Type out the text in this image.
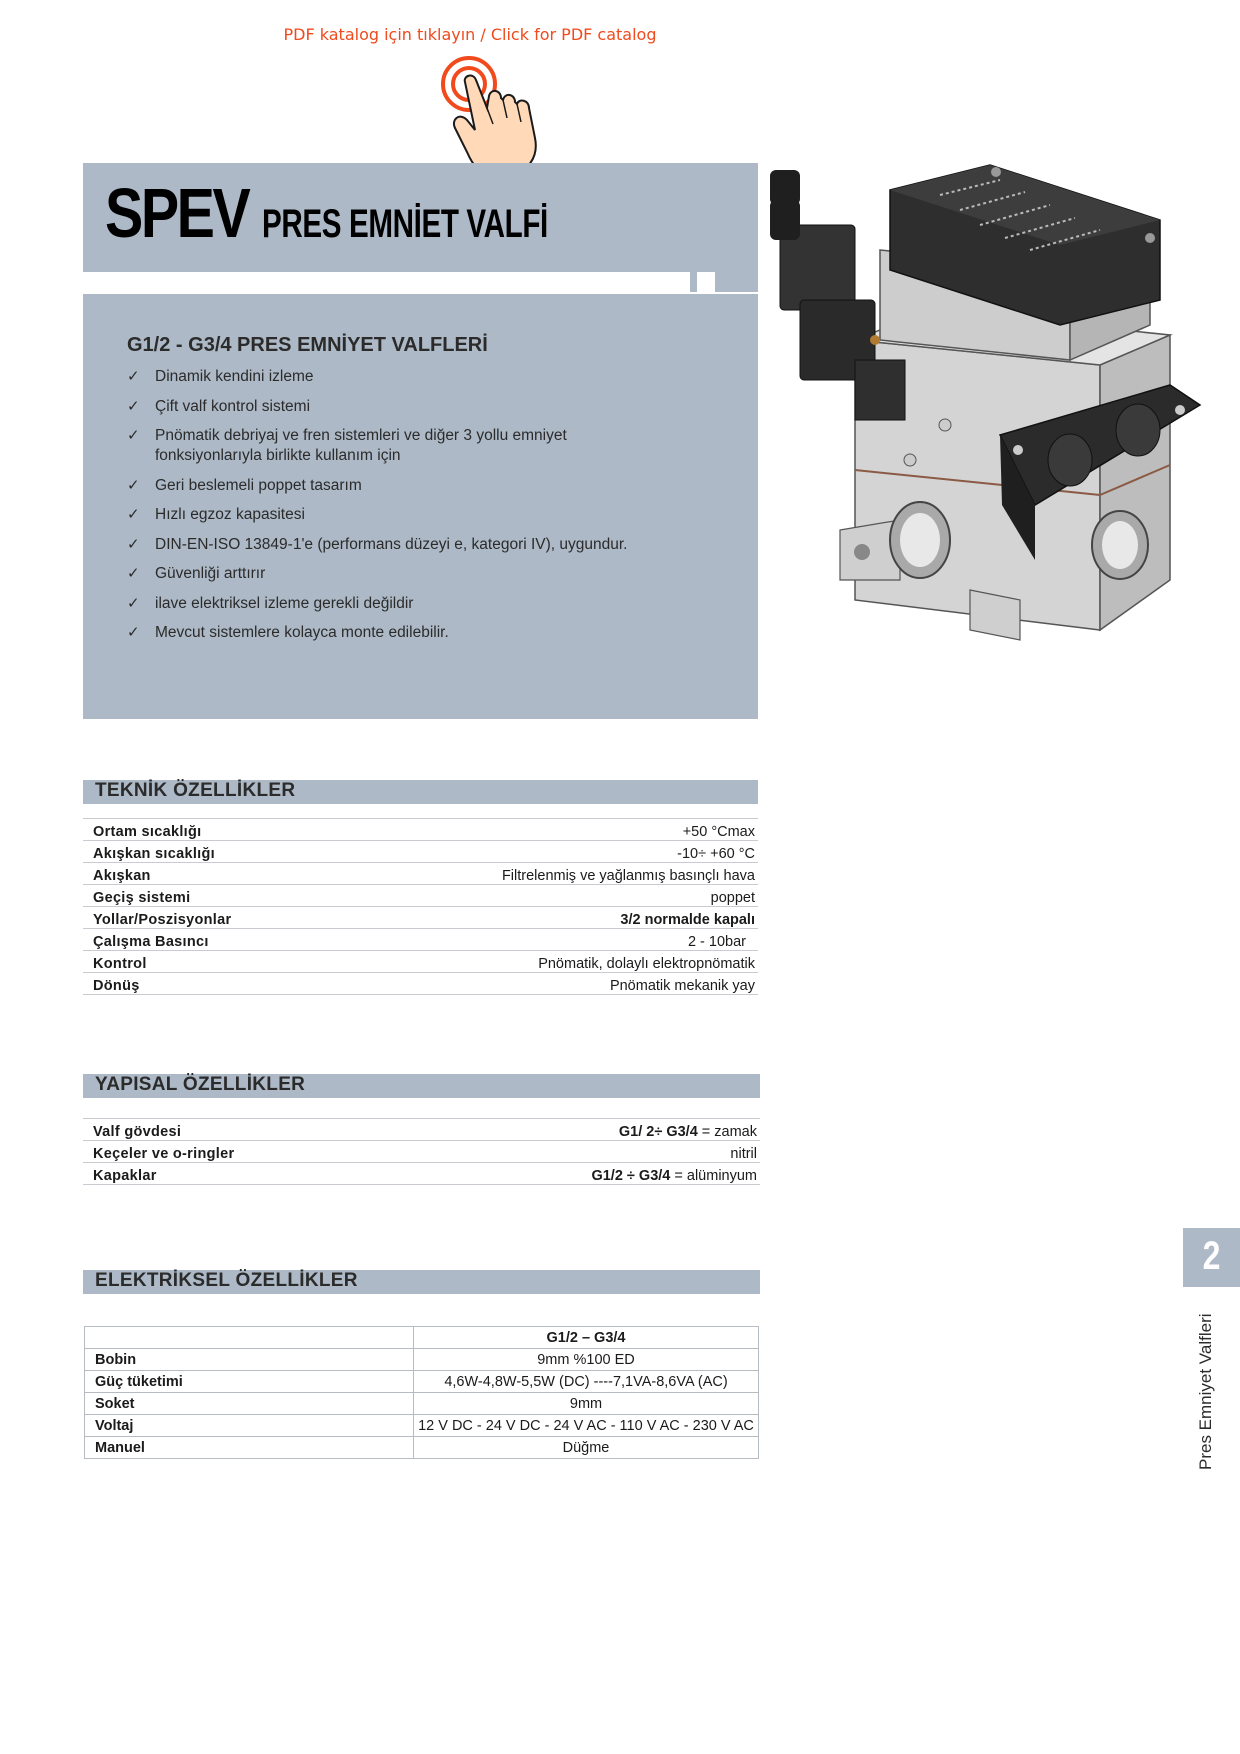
PDF katalog için tıklayın / Click for PDF catalog
SPEV PRES EMNİET VALFİ
G1/2 - G3/4 PRES EMNİYET VALFLERİ
✓ Dinamik kendini izleme
✓ Çift valf kontrol sistemi
✓ Pnömatik debriyaj ve fren sistemleri ve diğer 3 yollu emniyet fonksiyonlarıyla birlikte kullanım için
✓ Geri beslemeli poppet tasarım
✓ Hızlı egzoz kapasitesi
✓ DIN-EN-ISO 13849-1'e (performans düzeyi e, kategori IV), uygundur.
✓ Güvenliği arttırır
✓ ilave elektriksel izleme gerekli değildir
✓ Mevcut sistemlere kolayca monte edilebilir.
TEKNİK ÖZELLİKLER
Ortam sıcaklığı	+50 °Cmax
Akışkan sıcaklığı	-10÷ +60 °C
Akışkan	Filtrelenmiş ve yağlanmış basınçlı hava
Geçiş sistemi	poppet
Yollar/Poszisyonlar	3/2 normalde kapalı
Çalışma Basıncı	2 - 10bar
Kontrol	Pnömatik, dolaylı elektropnömatik
Dönüş	Pnömatik mekanik yay
YAPISAL ÖZELLİKLER
Valf gövdesi	G1/ 2÷ G3/4 = zamak
Keçeler ve o-ringler	nitril
Kapaklar	G1/2 ÷ G3/4 = alüminyum
ELEKTRİKSEL ÖZELLİKLER
	G1/2 – G3/4
Bobin	9mm %100 ED
Güç tüketimi	4,6W-4,8W-5,5W (DC) ----7,1VA-8,6VA (AC)
Soket	9mm
Voltaj	12 V DC - 24 V DC - 24 V AC - 110 V AC - 230 V AC
Manuel	Düğme
2
Pres Emniyet Valfleri
